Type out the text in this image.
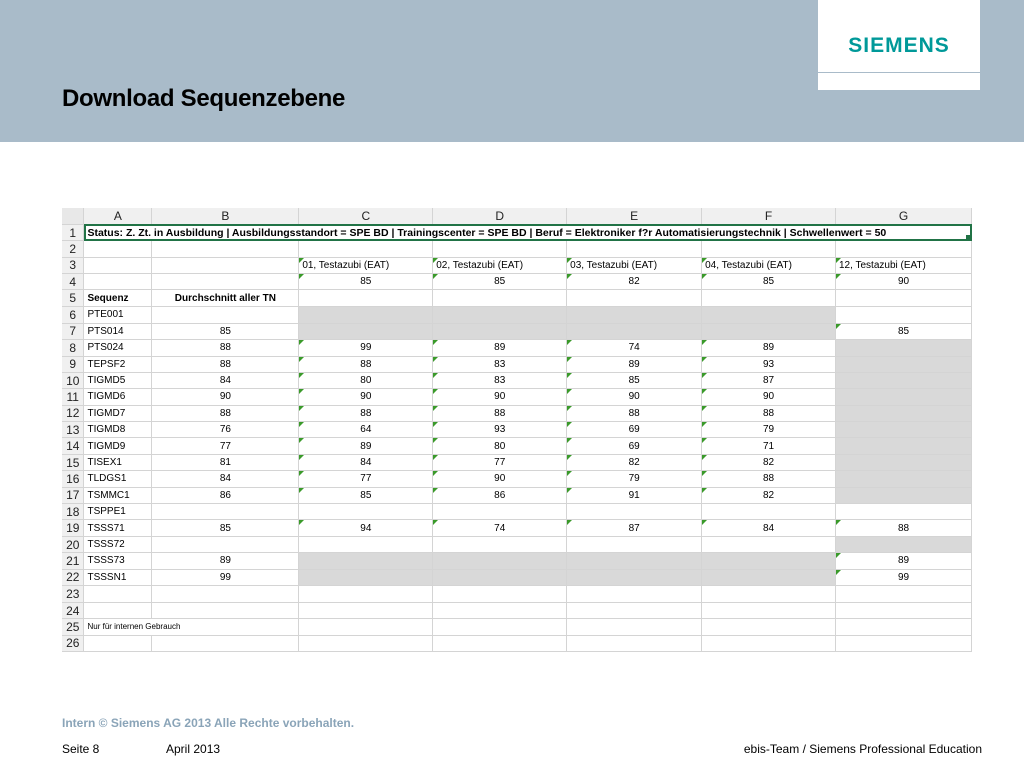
SIEMENS
Download Sequenzebene
	A	B	C	D	E	F	G
1	Status: Z. Zt. in Ausbildung | Ausbildungsstandort = SPE BD | Trainingscenter = SPE BD | Beruf = Elektroniker f?r Automatisierungstechnik | Schwellenwert = 50						

2							
3			01, Testazubi (EAT)	02, Testazubi (EAT)	03, Testazubi (EAT)	04, Testazubi (EAT)	12, Testazubi (EAT)
4			85	85	82	85	90
5	Sequenz	Durchschnitt aller TN					
6	PTE001						
7	PTS014	85					85
8	PTS024	88	99	89	74	89	
9	TEPSF2	88	88	83	89	93	
10	TIGMD5	84	80	83	85	87	
11	TIGMD6	90	90	90	90	90	
12	TIGMD7	88	88	88	88	88	
13	TIGMD8	76	64	93	69	79	
14	TIGMD9	77	89	80	69	71	
15	TISEX1	81	84	77	82	82	
16	TLDGS1	84	77	90	79	88	
17	TSMMC1	86	85	86	91	82	
18	TSPPE1						
19	TSSS71	85	94	74	87	84	88
20	TSSS72						
21	TSSS73	89					89
22	TSSSN1	99					99
23							
24							
25	Nur für internen Gebrauch						
26							
Intern © Siemens AG 2013 Alle Rechte vorbehalten.
Seite 8	April 2013	ebis-Team / Siemens Professional Education
